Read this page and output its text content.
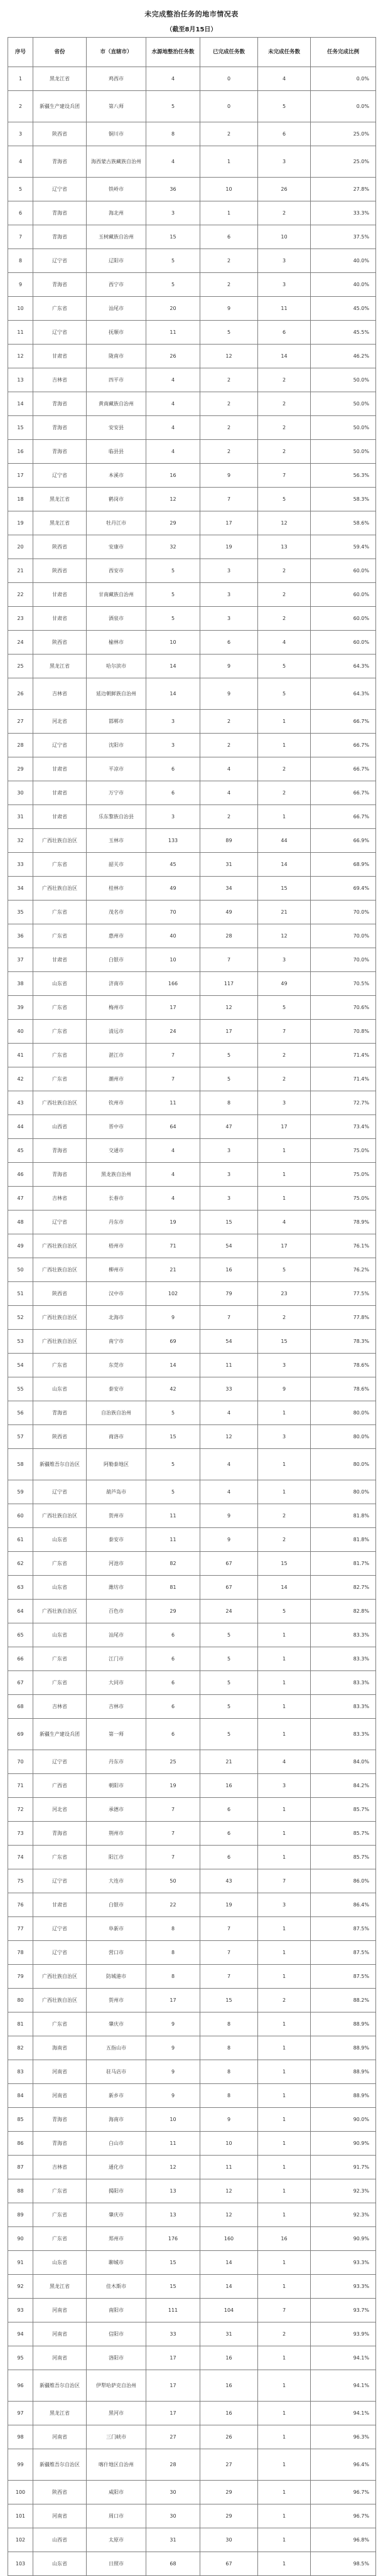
未完成整治任务的地市情况表
（截至8月15日）
序号	省份	市（直辖市）	水源地整治任务数	已完成任务数	未完成任务数	任务完成比例
1	黑龙江省	鸡西市	4	0	4	0.0%
2	新疆生产建设兵团	第八师	5	0	5	0.0%
3	陕西省	铜川市	8	2	6	25.0%
4	青海省	海西蒙古族藏族自治州	4	1	3	25.0%
5	辽宁省	铁岭市	36	10	26	27.8%
6	青海省	海北州	3	1	2	33.3%
7	青海省	玉树藏族自治州	15	6	10	37.5%
8	辽宁省	辽阳市	5	2	3	40.0%
9	青海省	西宁市	5	2	3	40.0%
10	广东省	汕尾市	20	9	11	45.0%
11	辽宁省	抚顺市	11	5	6	45.5%
12	甘肃省	陇南市	26	12	14	46.2%
13	吉林省	四平市	4	2	2	50.0%
14	青海省	黄南藏族自治州	4	2	2	50.0%
15	青海省	安安县	4	2	2	50.0%
16	青海省	临县县	4	2	2	50.0%
17	辽宁省	本溪市	16	9	7	56.3%
18	黑龙江省	鹤岗市	12	7	5	58.3%
19	黑龙江省	牡丹江市	29	17	12	58.6%
20	陕西省	安康市	32	19	13	59.4%
21	陕西省	西安市	5	3	2	60.0%
22	甘肃省	甘南藏族自治州	5	3	2	60.0%
23	甘肃省	酒泉市	5	3	2	60.0%
24	陕西省	榆林市	10	6	4	60.0%
25	黑龙江省	哈尔滨市	14	9	5	64.3%
26	吉林省	延边朝鲜族自治州	14	9	5	64.3%
27	河北省	邯郸市	3	2	1	66.7%
28	辽宁省	沈阳市	3	2	1	66.7%
29	甘肃省	平凉市	6	4	2	66.7%
30	甘肃省	万宁市	6	4	2	66.7%
31	甘肃省	乐东黎族自治县	3	2	1	66.7%
32	广西壮族自治区	玉林市	133	89	44	66.9%
33	广东省	韶关市	45	31	14	68.9%
34	广西壮族自治区	桂林市	49	34	15	69.4%
35	广东省	茂名市	70	49	21	70.0%
36	广东省	惠州市	40	28	12	70.0%
37	甘肃省	白银市	10	7	3	70.0%
38	山东省	济南市	166	117	49	70.5%
39	广东省	梅州市	17	12	5	70.6%
40	广东省	清远市	24	17	7	70.8%
41	广东省	湛江市	7	5	2	71.4%
42	广东省	潮州市	7	5	2	71.4%
43	广西壮族自治区	钦州市	11	8	3	72.7%
44	山西省	晋中市	64	47	17	73.4%
45	青海省	交通市	4	3	1	75.0%
46	青海省	黑龙族自治州	4	3	1	75.0%
47	吉林省	长春市	4	3	1	75.0%
48	辽宁省	丹东市	19	15	4	78.9%
49	广西壮族自治区	梧州市	71	54	17	76.1%
50	广西壮族自治区	柳州市	21	16	5	76.2%
51	陕西省	汉中市	102	79	23	77.5%
52	广西壮族自治区	北海市	9	7	2	77.8%
53	广西壮族自治区	南宁市	69	54	15	78.3%
54	广东省	东莞市	14	11	3	78.6%
55	山东省	泰安市	42	33	9	78.6%
56	青海省	自治族自治州	5	4	1	80.0%
57	陕西省	商洛市	15	12	3	80.0%
58	新疆维吾尔自治区	阿勒泰地区	5	4	1	80.0%
59	辽宁省	葫芦岛市	5	4	1	80.0%
60	广西壮族自治区	贺州市	11	9	2	81.8%
61	山东省	泰安市	11	9	2	81.8%
62	广东省	河池市	82	67	15	81.7%
63	山东省	潍坊市	81	67	14	82.7%
64	广西壮族自治区	百色市	29	24	5	82.8%
65	山东省	汕尾市	6	5	1	83.3%
66	广东省	江门市	6	5	1	83.3%
67	广东省	大同市	6	5	1	83.3%
68	吉林省	吉林市	6	5	1	83.3%
69	新疆生产建设兵团	第一师	6	5	1	83.3%
70	辽宁省	丹东市	25	21	4	84.0%
71	广西省	朝阳市	19	16	3	84.2%
72	河北省	承德市	7	6	1	85.7%
73	青海省	荆州市	7	6	1	85.7%
74	广东省	阳江市	7	6	1	85.7%
75	辽宁省	大连市	50	43	7	86.0%
76	甘肃省	白银市	22	19	3	86.4%
77	辽宁省	阜新市	8	7	1	87.5%
78	辽宁省	营口市	8	7	1	87.5%
79	广西壮族自治区	防城港市	8	7	1	87.5%
80	广西壮族自治区	贺州市	17	15	2	88.2%
81	广东省	肇庆市	9	8	1	88.9%
82	海南省	五指山市	9	8	1	88.9%
83	河南省	驻马店市	9	8	1	88.9%
84	河南省	新乡市	9	8	1	88.9%
85	青海省	海南市	10	9	1	90.0%
86	青海省	白山市	11	10	1	90.9%
87	吉林省	通化市	12	11	1	91.7%
88	广东省	揭阳市	13	12	1	92.3%
89	广东省	肇庆市	13	12	1	92.3%
90	广东省	郑州市	176	160	16	90.9%
91	山东省	聊城市	15	14	1	93.3%
92	黑龙江省	佳木斯市	15	14	1	93.3%
93	河南省	南阳市	111	104	7	93.7%
94	河南省	信阳市	33	31	2	93.9%
95	河南省	洛阳市	17	16	1	94.1%
96	新疆维吾尔自治区	伊犁哈萨克自治州	17	16	1	94.1%
97	黑龙江省	黑河市	17	16	1	94.1%
98	河南省	三门峡市	27	26	1	96.3%
99	新疆维吾尔自治区	喀什地区自治州	28	27	1	96.4%
100	陕西省	咸阳市	30	29	1	96.7%
101	河南省	周口市	30	29	1	96.7%
102	山西省	太原市	31	30	1	96.8%
103	山东省	日照市	68	67	1	98.5%
